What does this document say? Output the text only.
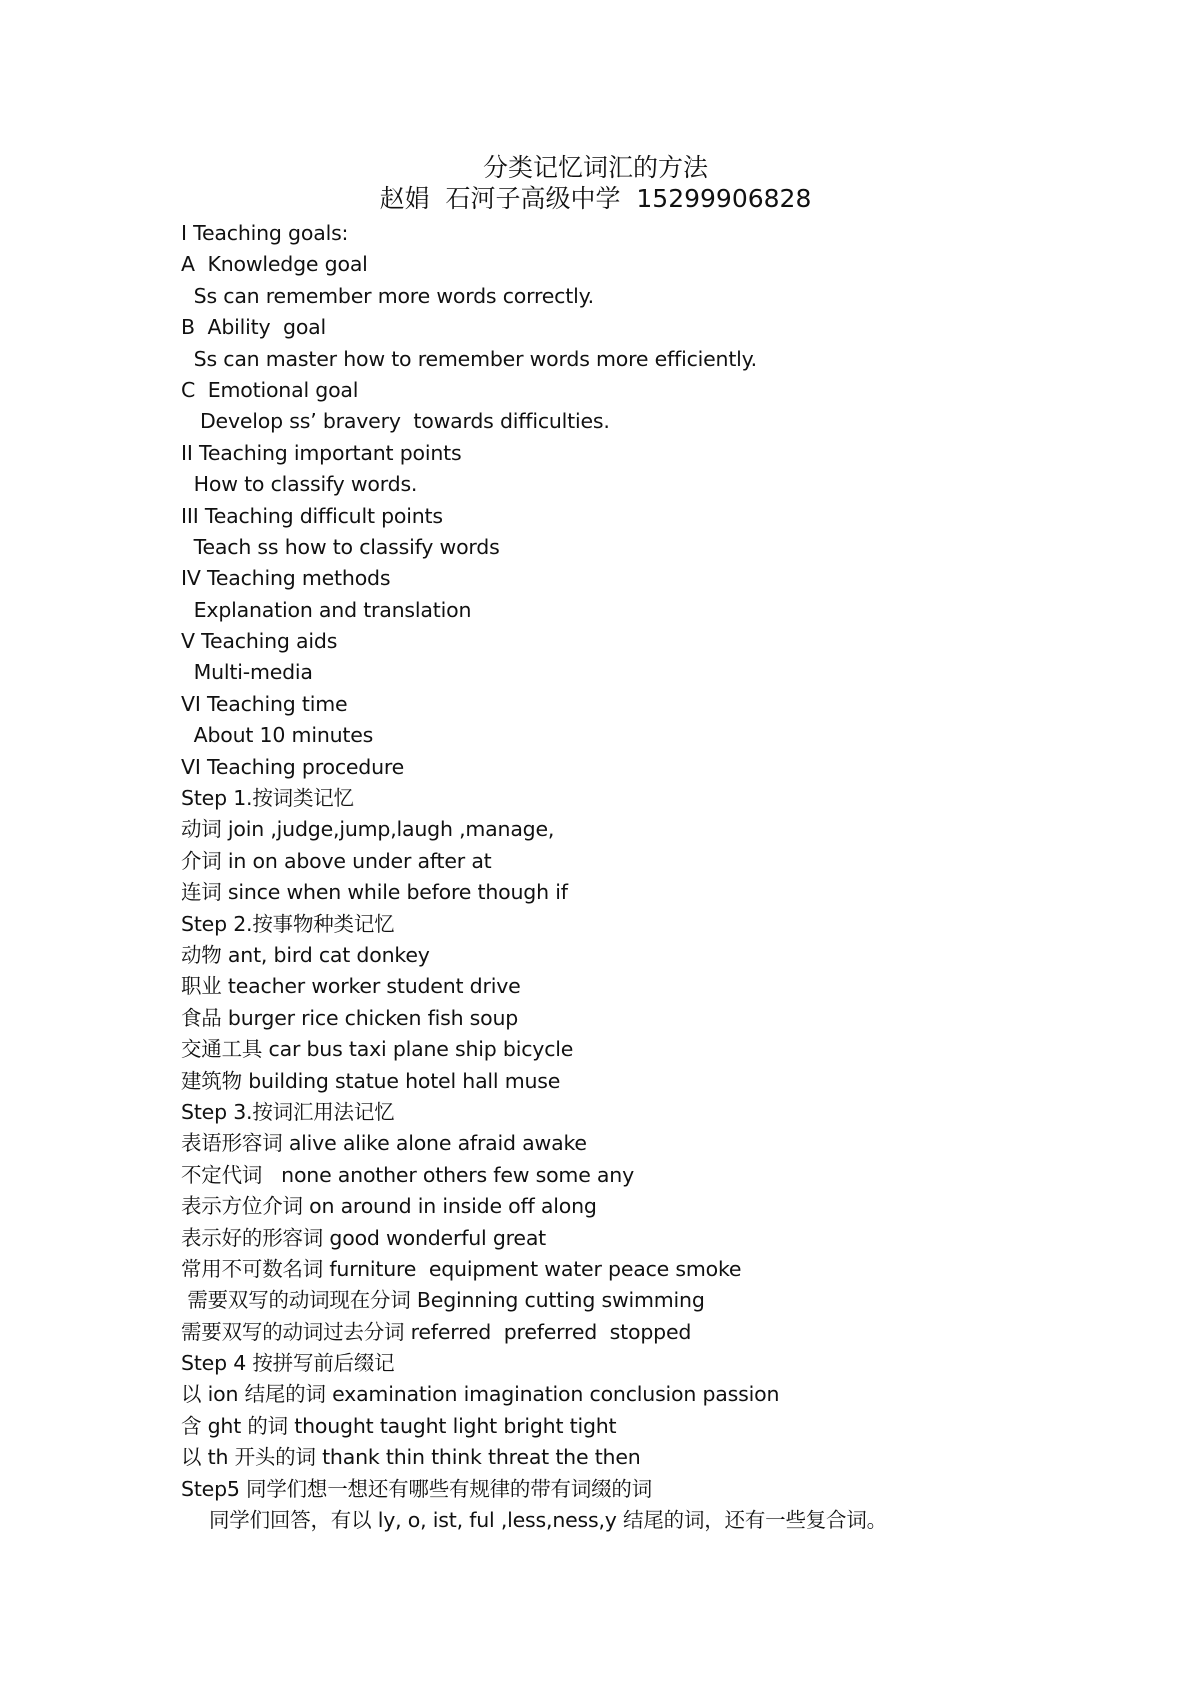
分类记忆词汇的方法
赵娟  石河子高级中学  15299906828
I Teaching goals:
A  Knowledge goal
Ss can remember more words correctly.
B  Ability  goal
Ss can master how to remember words more efficiently.
C  Emotional goal
Develop ss’ bravery  towards difficulties.
II Teaching important points
How to classify words.
III Teaching difficult points
Teach ss how to classify words
IV Teaching methods
Explanation and translation
V Teaching aids
Multi-media
VI Teaching time
About 10 minutes
VI Teaching procedure
Step 1.按词类记忆
动词 join ,judge,jump,laugh ,manage,
介词 in on above under after at
连词 since when while before though if
Step 2.按事物种类记忆
动物 ant, bird cat donkey
职业 teacher worker student drive
食品 burger rice chicken fish soup
交通工具 car bus taxi plane ship bicycle
建筑物 building statue hotel hall muse
Step 3.按词汇用法记忆
表语形容词 alive alike alone afraid awake
不定代词   none another others few some any
表示方位介词 on around in inside off along
表示好的形容词 good wonderful great
常用不可数名词 furniture  equipment water peace smoke
需要双写的动词现在分词 Beginning cutting swimming
需要双写的动词过去分词 referred  preferred  stopped
Step 4 按拼写前后缀记
以 ion 结尾的词 examination imagination conclusion passion
含 ght 的词 thought taught light bright tight
以 th 开头的词 thank thin think threat the then
Step5 同学们想一想还有哪些有规律的带有词缀的词
同学们回答，有以 ly, o, ist, ful ,less,ness,y 结尾的词，还有一些复合词。
